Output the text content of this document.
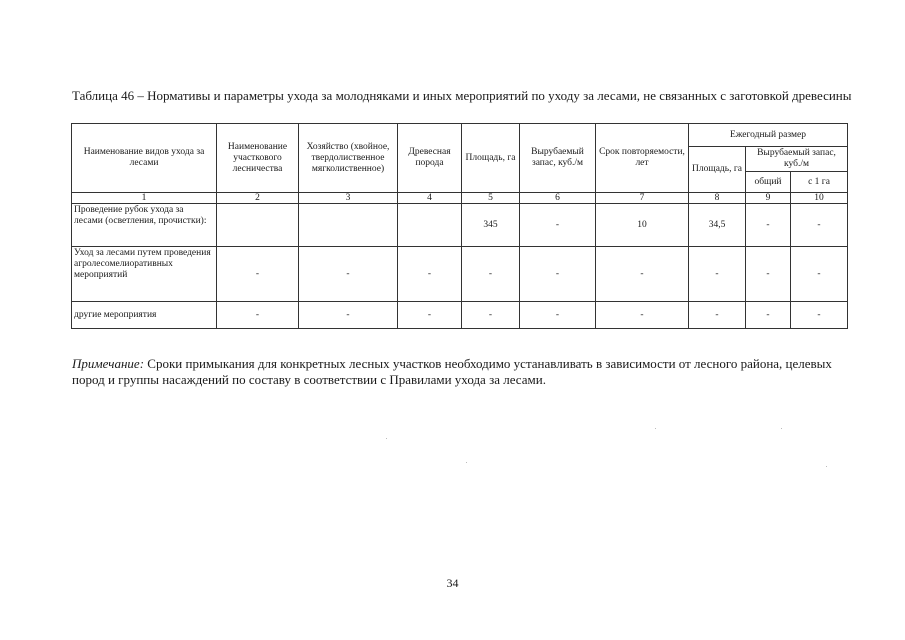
Таблица 46 – Нормативы и параметры ухода за молодняками и иных мероприятий по уходу за лесами, не связанных с заготовкой древесины
Наименование видов ухода за лесами	Наименование участкового лесничества	Хозяйство (хвойное, твердолиственное мягколиственное)	Древесная порода	Площадь, га	Вырубаемый запас, куб./м	Срок повторяемости, лет	Ежегодный размер		
							Площадь, га	Вырубаемый запас, куб./м	
								общий	с 1 га
1	2	3	4	5	6	7	8	9	10
Проведение рубок ухода за лесами (осветления, прочистки):				345	-	10	34,5	-	-
Уход за лесами путем проведения агролесомелиоративных мероприятий	-	-	-	-	-	-	-	-	-
другие мероприятия	-	-	-	-	-	-	-	-	-
Примечание: Сроки примыкания для конкретных лесных участков необходимо устанавливать в зависимости от лесного района, целевых пород и группы насаждений по составу в соответствии с Правилами ухода за лесами.
34
